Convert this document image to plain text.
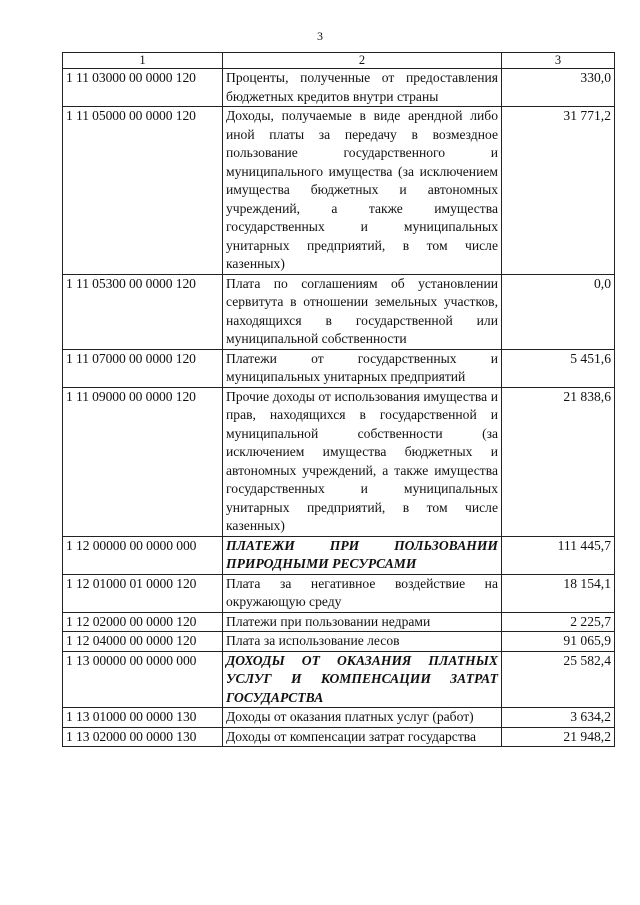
3
1	2	3
1 11 03000 00 0000 120	Проценты, полученные от предоставления бюджетных кредитов внутри страны	330,0
1 11 05000 00 0000 120	Доходы, получаемые в виде арендной либо иной платы за передачу в возмездное пользование государственного и муниципального имущества (за исключением имущества бюджетных и автономных учреждений, а также имущества государственных и муниципальных унитарных предприятий, в том числе казенных)	31 771,2
1 11 05300 00 0000 120	Плата по соглашениям об установлении сервитута в отношении земельных участков, находящихся в государственной или муниципальной собственности	0,0
1 11 07000 00 0000 120	Платежи от государственных и муниципальных унитарных предприятий	5 451,6
1 11 09000 00 0000 120	Прочие доходы от использования имущества и прав, находящихся в государственной и муниципальной собственности (за исключением имущества бюджетных и автономных учреждений, а также имущества государственных и муниципальных унитарных предприятий, в том числе казенных)	21 838,6
1 12 00000 00 0000 000	ПЛАТЕЖИ ПРИ ПОЛЬЗОВАНИИ ПРИРОДНЫМИ РЕСУРСАМИ	111 445,7
1 12 01000 01 0000 120	Плата за негативное воздействие на окружающую среду	18 154,1
1 12 02000 00 0000 120	Платежи при пользовании недрами	2 225,7
1 12 04000 00 0000 120	Плата за использование лесов	91 065,9
1 13 00000 00 0000 000	ДОХОДЫ ОТ ОКАЗАНИЯ ПЛАТНЫХ УСЛУГ И КОМПЕНСАЦИИ ЗАТРАТ ГОСУДАРСТВА	25 582,4
1 13 01000 00 0000 130	Доходы от оказания платных услуг (работ)	3 634,2
1 13 02000 00 0000 130	Доходы от компенсации затрат государства	21 948,2
